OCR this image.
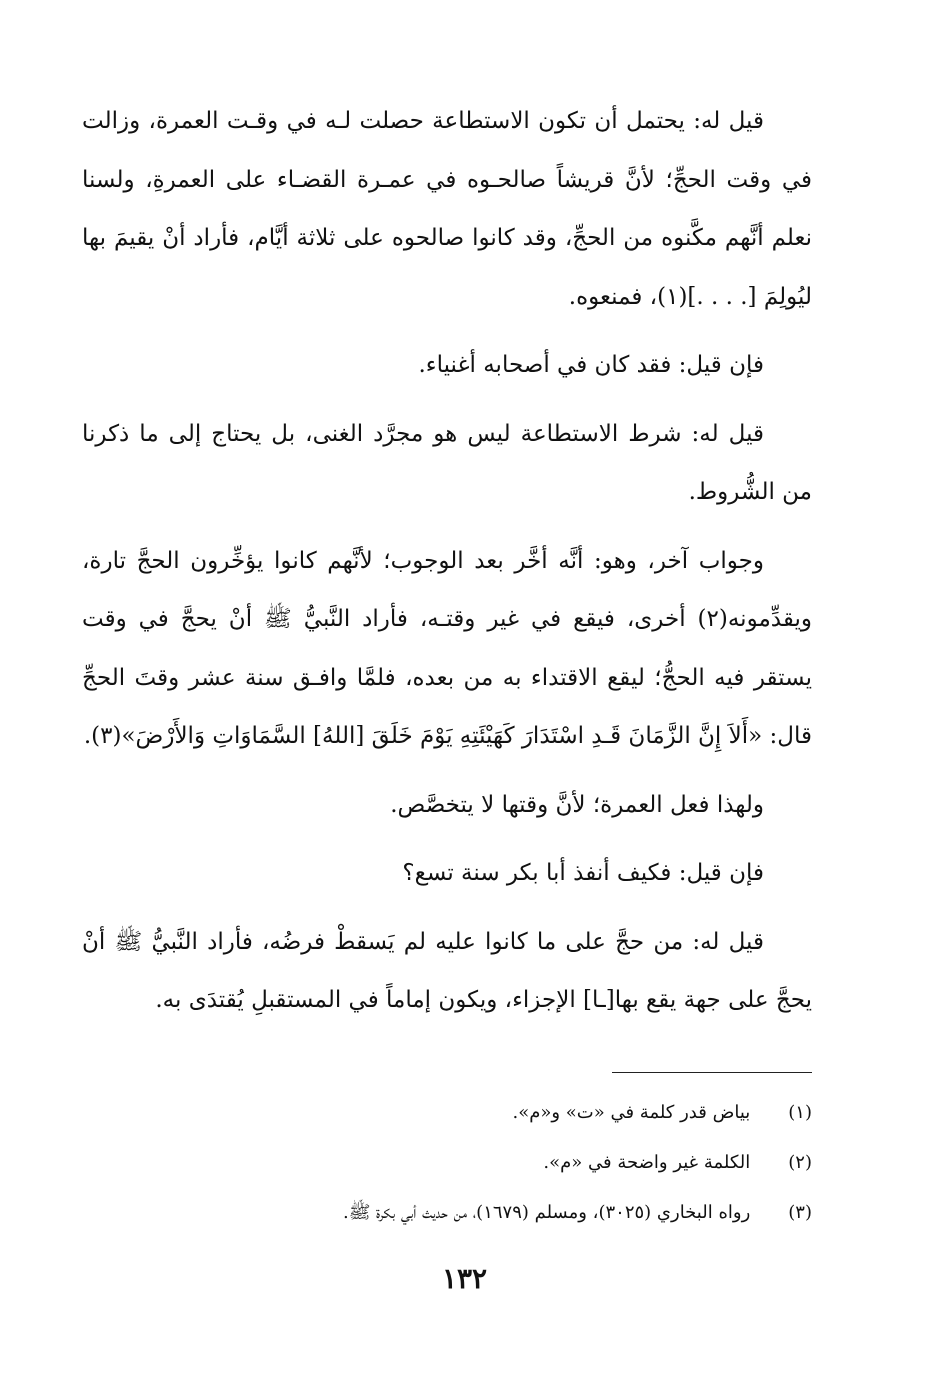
قيل له: يحتمل أن تكون الاستطاعة حصلت لـه في وقـت العمرة، وزالت في وقت الحجِّ؛ لأنَّ قريشاً صالحـوه في عمـرة القضـاء على العمرةِ، ولسنا نعلم أنَّهم مكَّنوه من الحجِّ، وقد كانوا صالحوه على ثلاثة أيَّام، فأراد أنْ يقيمَ بها ليُولِمَ [. . . .](١)، فمنعوه.

فإن قيل: فقد كان في أصحابه أغنياء.

قيل له: شرط الاستطاعة ليس هو مجرَّد الغنى، بل يحتاج إلى ما ذكرنا من الشُّروط.

وجواب آخر، وهو: أنَّه أخَّر بعد الوجوب؛ لأنَّهم كانوا يؤخِّرون الحجَّ تارة، ويقدِّمونه(٢) أخرى، فيقع في غير وقتـه، فأراد النَّبيُّ ﷺ أنْ يحجَّ في وقت يستقر فيه الحجُّ؛ ليقع الاقتداء به من بعده، فلمَّا وافـق سنة عشر وقتَ الحجِّ قال: «أَلاَ إِنَّ الزَّمَانَ قَـدِ اسْتَدَارَ كَهَيْئَتِهِ يَوْمَ خَلَقَ [اللهُ] السَّمَاوَاتِ وَالأَرْضَ»(٣).

ولهذا فعل العمرة؛ لأنَّ وقتها لا يتخصَّص.

فإن قيل: فكيف أنفذ أبا بكر سنة تسع؟

قيل له: من حجَّ على ما كانوا عليه لم يَسقطْ فرضُه، فأراد النَّبيُّ ﷺ أنْ يحجَّ على جهة يقع بها[ـا] الإجزاء، ويكون إماماً في المستقبلِ يُقتدَى به.

(١) بياض قدر كلمة في «ت» و«م».
(٢) الكلمة غير واضحة في «م».
(٣) رواه البخاري (٣٠٢٥)، ومسلم (١٦٧٩)، من حديث أبي بكرة ﷺ.
١٣٢
